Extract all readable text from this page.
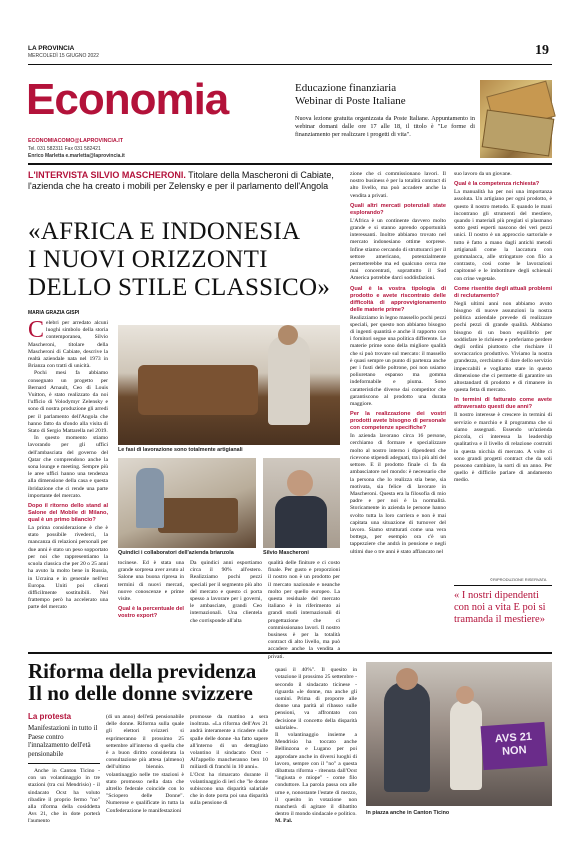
LA PROVINCIA
MERCOLEDÌ 15 GIUGNO 2022	19
Economia
ECONOMIACOMO@LAPROVINCIA.IT
Tel. 031 582311 Fax 031 582421
Enrico Marletta e.marletta@laprovincia.it
Educazione finanziaria
Webinar di Poste Italiane
Nuova lezione gratuita organizzata da Poste Italiane. Appuntamento in webinar domani dalle ore 17 alle 18, il titolo è "Le forme di finanziamento per realizzare i progetti di vita".
L'INTERVISTA SILVIO MASCHERONI. Titolare della Mascheroni di Cabiate, l'azienda che ha creato i mobili per Zelensky e per il parlamento dell'Angola
«AFRICA E INDONESIA
I NUOVI ORIZZONTI
DELLO STILE CLASSICO»
MARIA GRAZIA GISPI

C elebri per arredato alcuni luoghi simbolo della storia contemporanea, Silvio Mascheroni, titolare della Mascheroni di Cabiate, descrive la realtà aziendale nata nel 1973 in Brianza con tratti di unicità.

Pochi mesi fa abbiamo consegnato un progetto per Bernard Arnault, Ceo di Louis Vuitton, è stato realizzato da noi l'ufficio di Volodymyr Zelensky e sono di nostra produzione gli arredi per il parlamento dell'Angola che hanno fatto da sfondo alla visita di Stato di Sergio Mattarella nel 2019.

In questo momento stiamo lavorando per gli uffici dell'ambasciata del governo del Qatar che comprendono anche la sona lounge e meeting. Sempre più le aree uffici hanno una tendenza alla dimensione della casa e questa ibridazione che ci rende una parte importante del mercato.

Dopo il ritorno dello stand al Salone del Mobile di Milano, qual è un primo bilancio?

La prima considerazione è che è stato possibile rivederci, la mancanza di relazioni personali per due anni è stato un peso sopportato per noi che rappresentiamo la scuola classica che per 20 o 25 anni ha avuto la molto bene in Russia, in Ucraina e in generale nell'est Europa. Uniti poi clienti difficilmente sostituibili. Nel frattempo però ha accelerato una parte del mercato

Le fasi di lavorazione sono totalmente artigianali
Quindici i collaboratori dell'azienda brianzola	Silvio Mascheroni

tocinese. Ed è stata una grande sorpresa aver avuto al Salone una buona ripresa in termini di nuovi mercati, nuove conoscenze e prime visite.

Qual è la percentuale del vostro export?

Da quindici anni esportiamo circa il 90% all'estero. Realizziamo pochi pezzi speciali per il segmento più alto del mercato e questo ci porta spesso a lavorare per i governi, le ambasciate, grandi Ceo internazionali. Una clientela che corrisponde all'alta

qualità delle finiture e ci costo finale. Per gusto e proporzioni il nostro non è un prodotto per il mercato nazionale e neanche molto per quello europeo. La questa residuale del mercato italiano è in riferimento ai grandi studi internazionali di progettazione che ci commissionano lavori. Il nostro business è per la totalità contract di alto livello, ma può accadere anche la vendita a privati.

zione che ci commissionano lavori. Il nostro business è per la totalità contract di alto livello, ma può accadere anche la vendita a privati.

Quali altri mercati potenziali state esplorando?

L'Africa è un continente davvero molto grande e si stanno aprendo opportunità interessanti. Inoltre abbiamo trovato nel mercato indonesiano ottime sorprese. Infine stiamo cercando di strutturarci per il settore americano, potenzialmente permetterebbe ma ed qualcuno cerca me mai concentrati, soprattutto il Sud America potrebbe darci soddisfazioni.

Qual è la vostra tipologia di prodotto e avete riscontrato delle difficoltà di approvvigionamento delle materie prime?

Realizziamo in legno massello pochi pezzi speciali, per questo non abbiamo bisogno di ingenti quantità e anche il rapporto con i fornitori segue una politica differente. Le materie prime sono della migliore qualità che si può trovare sul mercato: il massello è quasi sempre un punto di partenza anche per i fusti delle poltrone, poi non usiamo poliuretano espanso ma gomma indeformabile e piuma. Sono caratteristiche diverse dai competitor che garantiscono al prodotto una durata maggiore.

Per la realizzazione dei vostri prodotti avete bisogno di personale con competenze specifiche?

In azienda lavorano circa 16 persone, cerchiamo di formare e specializzare molto al nostro interno i dipendenti che ricevono stipendi adeguati, tra i più alti del settore. E il prodotto finale ci fa da ambasciatore nel mondo: è necessario che la persona che lo realizza stia bene, sia motivata, sia felice di lavorare in Mascheroni. Questa era la filosofia di mio padre e per noi è la normalità. Storicamente in azienda le persone hanno svolto tutta la loro carriera e non è mai capitata una situazione di turnover del lavoro. Siamo strutturati come una vera bottega, per esempio ora c'è un tappezziere che andrà in pensione e negli ultimi due o tre anni è stato affiancato nel

suo lavoro da un giovane.

Qual è la competenza richiesta?

La manualità ha per noi una importanza assoluta. Un artigiano per ogni prodotto, è questo il nostro metodo. E quando le mani incontrano gli strumenti del mestiere, quando i materiali più pregiati si plasmano sotto gesti esperti nascono dei veri pezzi unici. Il nostro è un approccio sartoriale e tutto è fatto a mano dagli antichi metodi artigianali come la laccatura con gommalacca, alle stringature con filo a contrasto, così come le lavorazioni capitonné e le imbottiture degli schienali con crine vegetale.

Come risentite degli attuali problemi di reclutamento?

Negli ultimi anni non abbiamo avuto bisogno di nuove assunzioni la nostra politica aziendale prevede di realizzare pochi pezzi di grande qualità. Abbiamo bisogno di un buon equilibrio per soddisfare le richieste e preferiamo perdere degli ordini piuttosto che rischiare il sovraccarico produttivo. Viviamo la nostra grandezza, cerchiamo di dare dello servizio impeccabili e vogliamo stare in questo dimensione che ci permette di garantire un altostandard di prodotto e di rimanere in questa fetta di mercato.

In termini di fatturato come avete attraversato questi due anni?

Il nostro interesse è crescere in termini di servizio e marchio e il programma che si siamo assegnati. Essendo un'azienda piccola, ci interessa la leadership qualitativa e il livello di relazione costruiti in questa nicchia di mercato. A volte ci sono grandi progetti contract che da soli possono cambiare, la sorti di un anno. Per quello è difficile parlare di andamento medio.

©RIPRODUZIONE RISERVATA
« I nostri dipendenti con noi a vita E poi si tramanda il mestiere»
Riforma della previdenza
Il no delle donne svizzere
La protesta
Manifestazioni in tutto il Paese contro l'innalzamento dell'età pensionabile

Anche in Canton Ticino - con un volantinaggio in tre stazioni (tra cui Mendrisio) - il sindacato Ocst ha voluto ribadire il proprio fermo "no" alla riforma della cosiddetta Avs 21, che in dote porterà l'aumento

(di un anno) dell'età pensionabile delle donne. Riforma sulla quale gli elettori svizzeri si esprimeranno il prossimo 25 settembre all'interno di quella che è a buon diritto considerata la consultazione più attesa (almeno) dell'ultimo biennio. Il volantinaggio nelle tre stazioni è stato promosso nella data che altrello federale coincide con lo "Sciopero delle Donne". Numerose e qualificate in tutta la Confederazione le manifestazioni

promosse da mattino a sera inoltrata. «La riforma dell'Avs 21 andrà interamente a ricadere sulle spalle delle donne -ha fatto sapere all'interno di un dettagliato volantino il sindacato Ocst - All'appello mancheranno ben 10 miliardi di franchi in 10 anni».
L'Ocst ha rimarcato durante il volantinaggio di ieri che "le donne subiscono una disparità salariale che in dote porta poi una disparità sulla pensione di

quasi il 40%". Il quesito in votazione il prossimo 25 settembre - secondo il sindacato ticinese - riguarda «le donne, ma anche gli uomini. Prima di proporre alle donne una parità al ribasso sulle pensioni, va affrontato con decisione il concetto della disparità salariale».
Il volantinaggio insieme a Mendrisio ha toccato anche Bellinzona e Lugano per poi approdare anche in diversi luoghi di lavoro, sempre con il "no" a questa dibattuta riforma - ritenuta dall'Ocst "ingiusta e miope" - come filo conduttore. La parola passa ora alle urne e, nonostante l'estate di mezzo, il quesito in votazione non mancherà di agitare il dibattito dentro il mondo sindacale e politico.
M. Pal.

AVS 21 NON
In piazza anche in Canton Ticino
